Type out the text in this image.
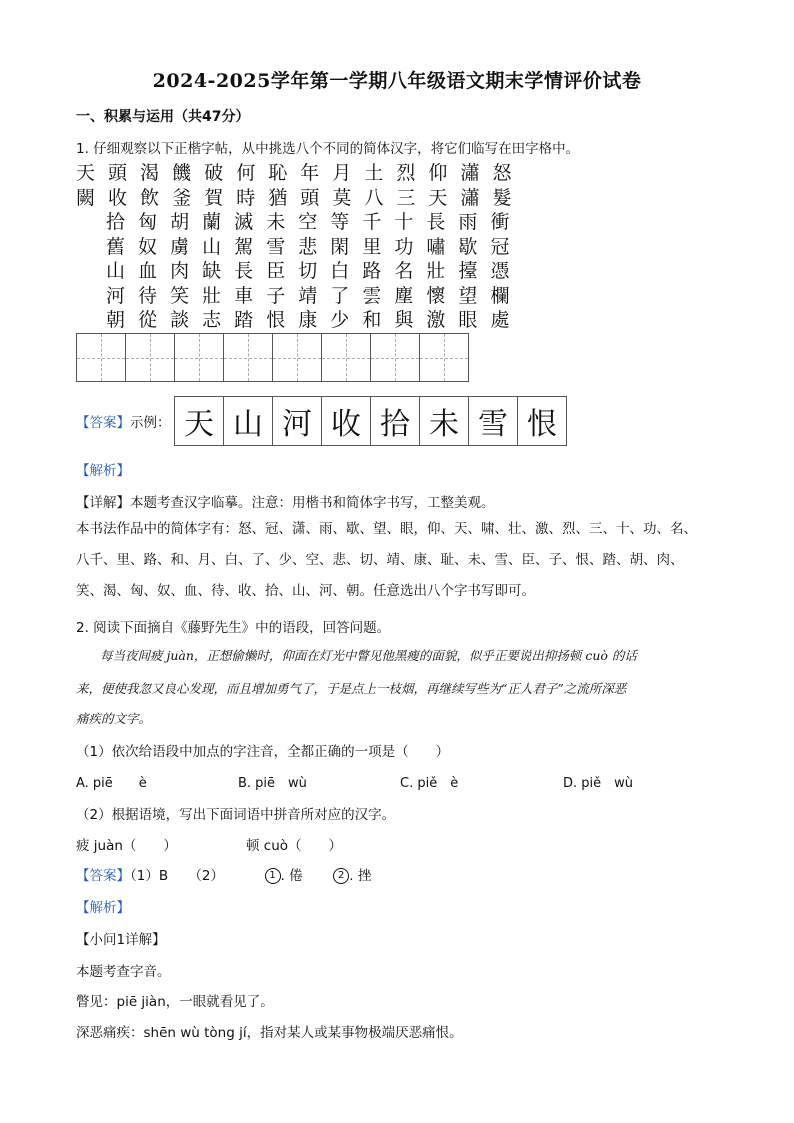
2024-2025学年第一学期八年级语文期末学情评价试卷
一、积累与运用（共47分）
1. 仔细观察以下正楷字帖，从中挑选八个不同的简体汉字，将它们临写在田字格中。
天 頭 渴 饑 破 何 恥 年 月 土 烈 仰 瀟 怒
闕 收 飲 釜 賀 時 猶 頭 莫 八 三 天 瀟 髮
拾 匈 胡 蘭 滅 未 空 等 千 十 長 雨 衝
舊 奴 虜 山 駕 雪 悲 閑 里 功 嘯 歇 冠
山 血 肉 缺 長 臣 切 白 路 名 壯 擡 憑
河 待 笑 壯 車 子 靖 了 雲 塵 懷 望 欄
朝 從 談 志 踏 恨 康 少 和 與 激 眼 處
【答案】示例： 天 山 河 收 拾 未 雪 恨
【解析】
【详解】本题考查汉字临摹。注意：用楷书和简体字书写，工整美观。
本书法作品中的简体字有：怒、冠、潇、雨、歇、望、眼，仰、天、啸、壮、激、烈、三、十、功、名、八千、里、路、和、月、白、了、少、空、悲、切、靖、康、耻、未、雪、臣、子、恨、踏、胡、肉、笑、渴、匈、奴、血、待、收、拾、山、河、朝。任意选出八个字书写即可。
2. 阅读下面摘自《藤野先生》中的语段，回答问题。
每当夜间疲 juàn，正想偷懒时，仰面在灯光中瞥见他黑瘦的面貌，似乎正要说出抑扬顿 cuò 的话
来，便使我忽又良心发现，而且增加勇气了，于是点上一枝烟，再继续写些为“正人君子”之流所深恶
痛疾的文字。
（1）依次给语段中加点的字注音，全都正确的一项是（　　）
A. piē　　è	B. piē　wù	C. piě　è	D. piě　wù
（2）根据语境，写出下面词语中拼音所对应的汉字。
疲 juàn（　　）	顿 cuò（　　）
【答案】（1）B　　（2）	1 . 倦	2 . 挫
【解析】
【小问1详解】
本题考查字音。
瞥见：piē jiàn，一眼就看见了。
深恶痛疾：shēn wù tòng jí，指对某人或某事物极端厌恶痛恨。
